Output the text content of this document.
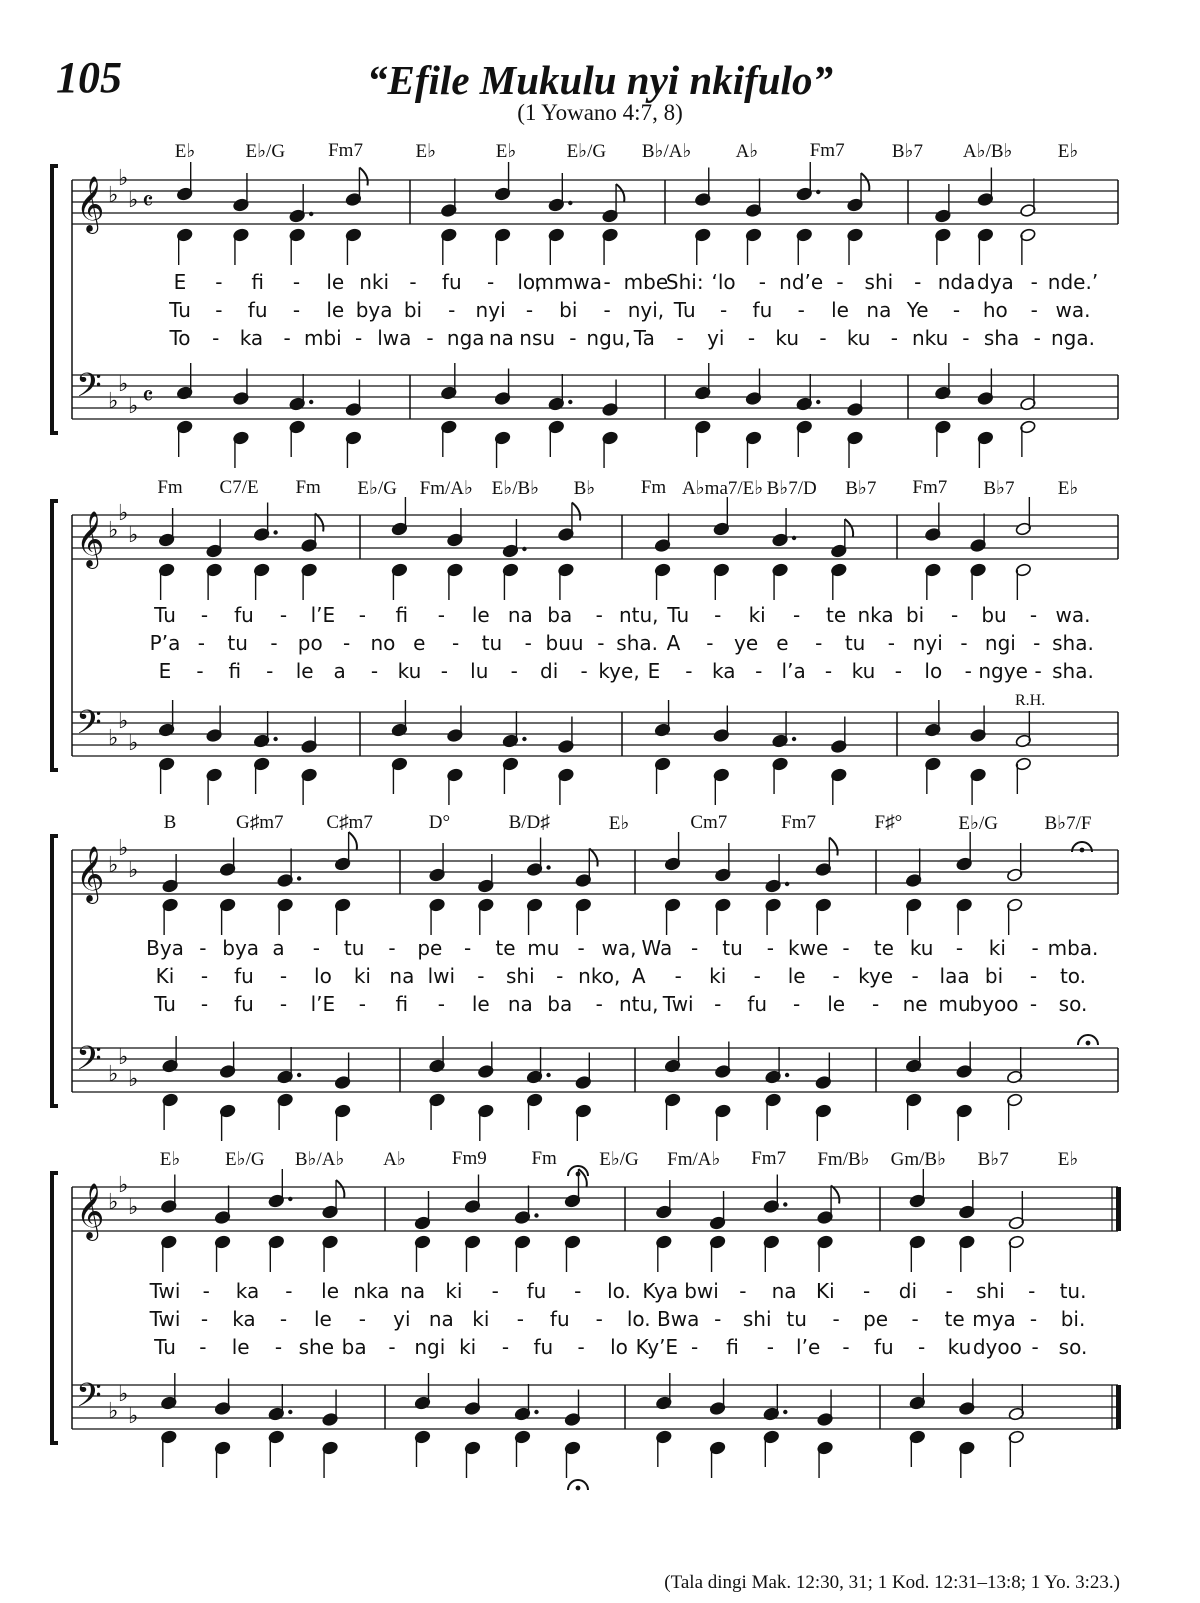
105	“Efile Mukulu nyi nkifulo”
(1 Yowano 4:7, 8)
𝄞
𝄢
♭
♭
♭
♭
♭
♭
𝄴
𝄴
𝄞
𝄢
♭
♭
♭
♭
♭
♭
𝄞
𝄢
♭
♭
♭
♭
♭
♭
𝄞
𝄢
♭
♭
♭
♭
♭
♭
E♭	E♭/G Fm7	E♭	E♭	E♭/G B♭/A♭ A♭	Fm7 B♭7 A♭/B♭ E♭
E - fi - le nki - fu - lo,
mmwa - mbe
Shi: ‘lo - nd’e - shi - nda dya - nde.’
Tu - fu - le bya bi - nyi - bi - nyi, Tu - fu - le na Ye - ho - wa.
To - ka - mbi - lwa - nga na nsu - ngu, Ta - yi - ku - ku - nku - sha - nga.
Fm C7/E Fm E♭/G Fm/A♭ E♭/B♭ B♭ Fm A♭ma7/E♭ B♭7/D B♭7 Fm7 B♭7 E♭
Tu - fu - l’E - fi - le na ba - ntu, Tu - ki - te nka bi - bu - wa.
P’a - tu - po - no e - tu - buu - sha. A - ye e - tu - nyi - ngi - sha.
E - fi - le a - ku - lu - di - kye, E - ka - l’a - ku - lo - ngye - sha.
B	G♯m7 C♯m7	D°	B/D♯	E♭	Cm7	Fm7	F♯°	E♭/G B♭7/F
Bya - bya a - tu - pe - te mu - wa, Wa - tu - kwe - te ku - ki - mba.
Ki - fu - lo ki na lwi - shi - nko, A - ki - le - kye - laa bi - to.
Tu - fu - l’E - fi - le na ba - ntu, Twi - fu - le - ne mu
byoo - so.
E♭ E♭/G B♭/A♭ A♭ Fm9 Fm E♭/G Fm/A♭ Fm7 Fm/B♭ Gm/B♭ B♭7	E♭
Twi - ka - le nka na ki - fu - lo. Kya bwi - na Ki - di - shi - tu.
Twi - ka - le - yi na ki - fu - lo. Bwa - shi tu - pe - te mya - bi.
Tu - le - she ba - ngi ki - fu - lo Ky’E - fi - l’e - fu - ku dyoo - so.
R.H.
(Tala dingi Mak. 12:30, 31; 1 Kod. 12:31–13:8; 1 Yo. 3:23.)
